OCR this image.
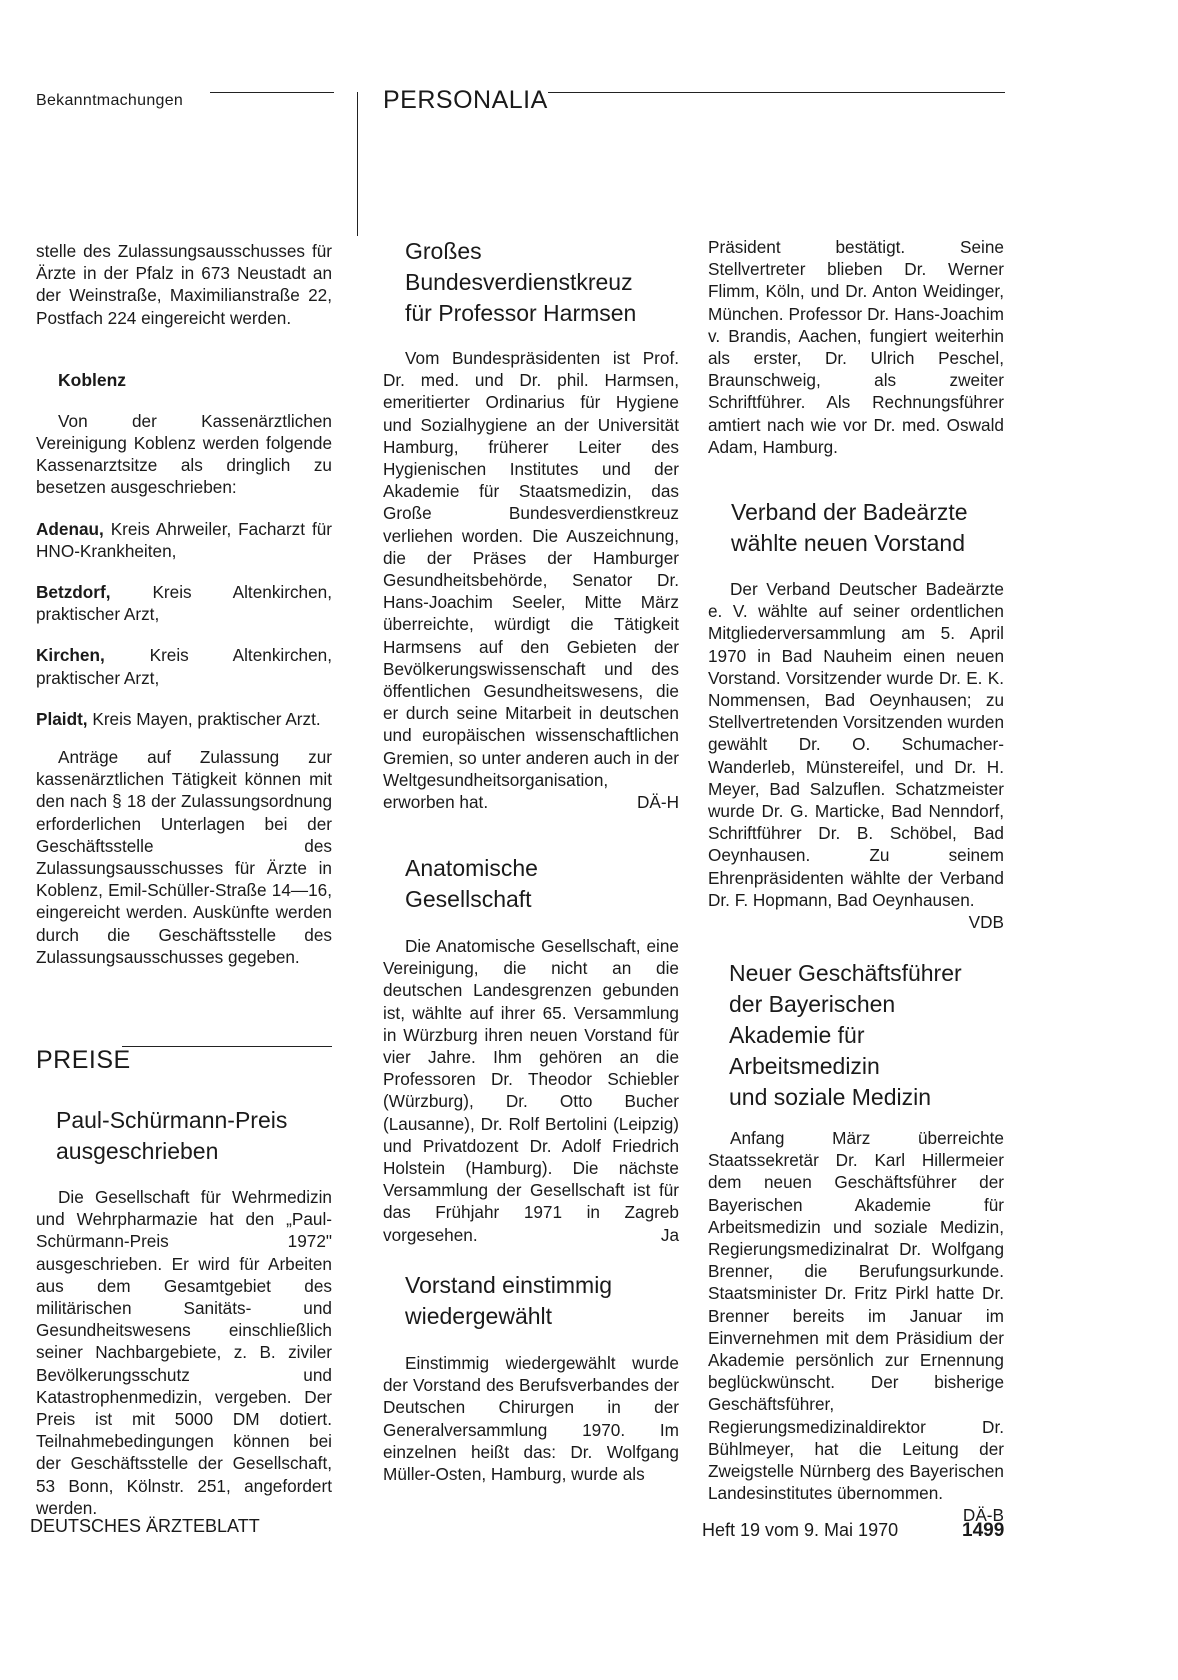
Bekanntmachungen	PERSONALIA

stelle des Zulassungsausschusses für Ärzte in der Pfalz in 673 Neustadt an der Weinstraße, Maximilianstraße 22, Postfach 224 eingereicht werden.

Koblenz

Von der Kassenärztlichen Vereinigung Koblenz werden folgende Kassenarztsitze als dringlich zu besetzen ausgeschrieben:

Adenau, Kreis Ahrweiler, Facharzt für HNO-Krankheiten,

Betzdorf, Kreis Altenkirchen, praktischer Arzt,

Kirchen,	Kreis Altenkirchen, praktischer Arzt,

Plaidt, Kreis Mayen, praktischer Arzt.

Anträge auf Zulassung zur kassenärztlichen Tätigkeit können mit den nach § 18 der Zulassungsordnung erforderlichen Unterlagen bei der Geschäftsstelle des Zulassungsausschusses für Ärzte in Koblenz, Emil-Schüller-Straße 14—16, eingereicht werden. Auskünfte werden durch die Geschäftsstelle des Zulassungsausschusses gegeben.

PREISE
Paul-Schürmann-Preis
ausgeschrieben

Die Gesellschaft für Wehrmedizin und Wehrpharmazie hat den „Paul-Schürmann-Preis 1972" ausgeschrieben. Er wird für Arbeiten aus dem Gesamtgebiet des militärischen Sanitäts- und Gesundheitswesens einschließlich seiner Nachbargebiete, z. B. ziviler Bevölkerungsschutz und Katastrophenmedizin, vergeben. Der Preis ist mit 5000 DM dotiert. Teilnahmebedingungen können bei der Geschäftsstelle der Gesellschaft, 53 Bonn, Kölnstr. 251, angefordert werden.

Großes
Bundesverdienstkreuz
für Professor Harmsen

Vom Bundespräsidenten ist Prof. Dr. med. und Dr. phil. Harmsen, emeritierter Ordinarius für Hygiene und Sozialhygiene an der Universität Hamburg, früherer Leiter des Hygienischen Institutes und der Akademie für Staatsmedizin, das Große Bundesverdienstkreuz verliehen worden. Die Auszeichnung, die der Präses der Hamburger Gesundheitsbehörde, Senator Dr. Hans-Joachim Seeler, Mitte März überreichte, würdigt die Tätigkeit Harmsens auf den Gebieten der Bevölkerungswissenschaft und des öffentlichen Gesundheitswesens, die er durch seine Mitarbeit in deutschen und europäischen wissenschaftlichen Gremien, so unter anderen auch in der Weltgesundheitsorganisation, erworben hat.	DÄ-H

Anatomische
Gesellschaft

Die Anatomische Gesellschaft, eine Vereinigung, die nicht an die deutschen Landesgrenzen gebunden ist, wählte auf ihrer 65. Versammlung in Würzburg ihren neuen Vorstand für vier Jahre. Ihm gehören an die Professoren Dr. Theodor Schiebler (Würzburg), Dr. Otto Bucher (Lausanne), Dr. Rolf Bertolini (Leipzig) und Privatdozent Dr. Adolf Friedrich Holstein (Hamburg). Die nächste Versammlung der Gesellschaft ist für das Frühjahr 1971 in Zagreb vorgesehen.	Ja

Vorstand einstimmig
wiedergewählt

Einstimmig wiedergewählt wurde der Vorstand des Berufsverbandes der Deutschen Chirurgen in der Generalversammlung 1970. Im einzelnen heißt das: Dr. Wolfgang Müller-Osten, Hamburg, wurde als

Präsident bestätigt. Seine Stellvertreter blieben Dr. Werner Flimm, Köln, und Dr. Anton Weidinger, München. Professor Dr. Hans-Joachim v. Brandis, Aachen, fungiert weiterhin als erster, Dr. Ulrich Peschel, Braunschweig, als zweiter Schriftführer. Als Rechnungsführer amtiert nach wie vor Dr. med. Oswald Adam, Hamburg.

Verband der Badeärzte
wählte neuen Vorstand

Der Verband Deutscher Badeärzte e. V. wählte auf seiner ordentlichen Mitgliederversammlung am 5. April 1970 in Bad Nauheim einen neuen Vorstand. Vorsitzender wurde Dr. E. K. Nommensen, Bad Oeynhausen; zu Stellvertretenden Vorsitzenden wurden gewählt Dr. O. Schumacher-Wanderleb, Münstereifel, und Dr. H. Meyer, Bad Salzuflen. Schatzmeister wurde Dr. G. Marticke, Bad Nenndorf, Schriftführer Dr. B. Schöbel, Bad Oeynhausen. Zu seinem Ehrenpräsidenten wählte der Verband Dr. F. Hopmann, Bad Oeynhausen.
VDB

Neuer Geschäftsführer
der Bayerischen
Akademie für
Arbeitsmedizin
und soziale Medizin

Anfang März überreichte Staatssekretär Dr. Karl Hillermeier dem neuen Geschäftsführer der Bayerischen Akademie für Arbeitsmedizin und soziale Medizin, Regierungsmedizinalrat Dr. Wolfgang Brenner, die Berufungsurkunde. Staatsminister Dr. Fritz Pirkl hatte Dr. Brenner bereits im Januar im Einvernehmen mit dem Präsidium der Akademie persönlich zur Ernennung beglückwünscht. Der bisherige Geschäftsführer, Regierungsmedizinaldirektor Dr. Bühlmeyer, hat die Leitung der Zweigstelle Nürnberg des Bayerischen Landesinstitutes übernommen.
DÄ-B

DEUTSCHES ÄRZTEBLATT	Heft 19 vom 9. Mai 1970	1499
